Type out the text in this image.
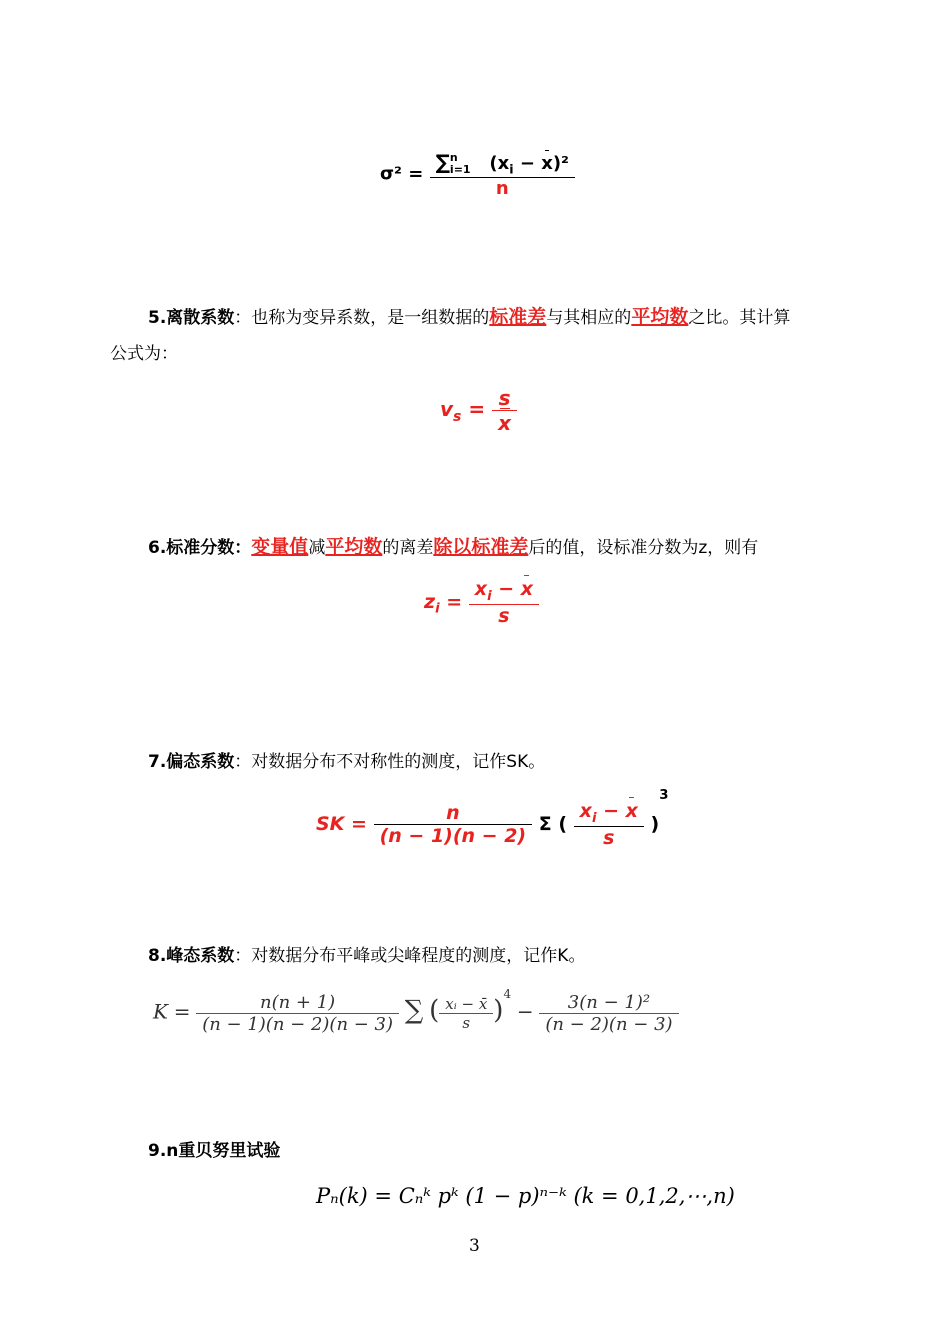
σ² = ∑ n
i=1 $(x_i - x)^2$
n
5.离散系数：也称为变异系数，是一组数据的标准差与其相应的平均数之比。其计算
公式为：
$v_s = \frac{s}{x}$
6.标准分数：变量值减平均数的离差除以标准差后的值，设标准分数为z，则有
$z_i = \frac{x_i - x}{s}$
7.偏态系数：对数据分布不对称性的测度，记作SK。
SK = $\frac{n}{(n - 1)(n - 2)}$ Σ ( $\frac{x_i - x}{s} )^3$
8.峰态系数：对数据分布平峰或尖峰程度的测度，记作K。
$K = \frac{n(n + 1)}{(n - 1)(n - 2)(n - 3)}$ ∑ ( $\frac{\text{xᵢ − x̄}}{s} )^4 - \frac{\text{3(n − 1)²}}{(n - 2)(n - 3)}$
9.n重贝努里试验
Pₙ(k) = Cₙᵏ pᵏ (1 − p)ⁿ⁻ᵏ (k = 0,1,2,⋯,n)
3
